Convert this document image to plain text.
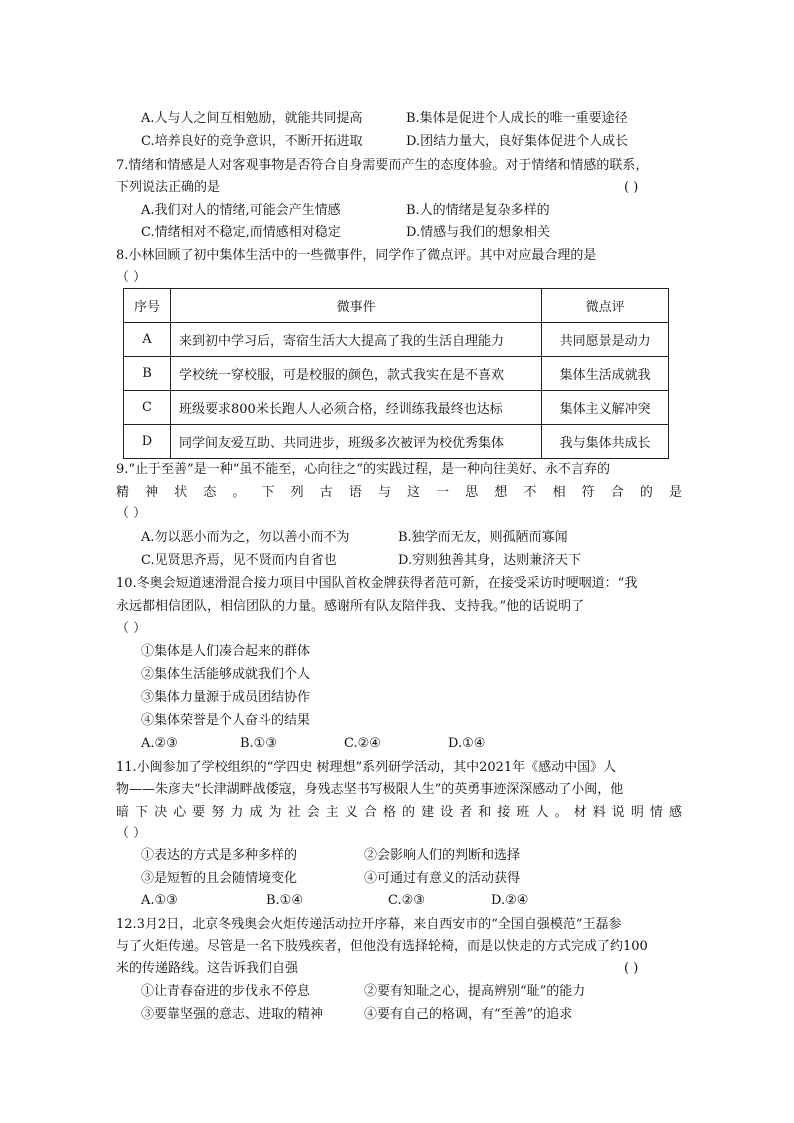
A.人与人之间互相勉励，就能共同提高	B.集体是促进个人成长的唯一重要途径
C.培养良好的竞争意识，不断开拓进取	D.团结力量大，良好集体促进个人成长
7.情绪和情感是人对客观事物是否符合自身需要而产生的态度体验。对于情绪和情感的联系，
下列说法正确的是	( )
A.我们对人的情绪,可能会产生情感	B.人的情绪是复杂多样的
C.情绪相对不稳定,而情感相对稳定	D.情感与我们的想象相关
8.小林回顾了初中集体生活中的一些微事件，同学作了微点评。其中对应最合理的是
（ ）
序号	微事件	微点评
A	来到初中学习后，寄宿生活大大提高了我的生活自理能力	共同愿景是动力
B	学校统一穿校服，可是校服的颜色，款式我实在是不喜欢	集体生活成就我
C	班级要求800米长跑人人必须合格，经训练我最终也达标	集体主义解冲突
D	同学间友爱互助、共同进步，班级多次被评为校优秀集体	我与集体共成长
9.“止于至善”是一种“虽不能至，心向往之”的实践过程，是一种向往美好、永不言弃的
精神状态。下列古语与这一思想不相符合的是
（ ）
A.勿以恶小而为之，勿以善小而不为	B.独学而无友，则孤陋而寡闻
C.见贤思齐焉，见不贤而内自省也	D.穷则独善其身，达则兼济天下
10.冬奥会短道速滑混合接力项目中国队首枚金牌获得者范可新，在接受采访时哽咽道：“我
永远都相信团队，相信团队的力量。感谢所有队友陪伴我、支持我。”他的话说明了
（ ）
①集体是人们凑合起来的群体
②集体生活能够成就我们个人
③集体力量源于成员团结协作
④集体荣誉是个人奋斗的结果
A.②③	B.①③	C.②④	D.①④
11.小闽参加了学校组织的“学四史 树理想”系列研学活动，其中2021年《感动中国》人
物——朱彦夫“长津湖畔战倭寇，身残志坚书写极限人生”的英勇事迹深深感动了小闽，他
暗下决心要努力成为社会主义合格的建设者和接班人。材料说明情感
（ ）
①表达的方式是多种多样的	②会影响人们的判断和选择
③是短暂的且会随情境变化	④可通过有意义的活动获得
A.①③	B.①④	C.②③	D.②④
12.3月2日，北京冬残奥会火炬传递活动拉开序幕，来自西安市的“全国自强模范”王磊参
与了火炬传递。尽管是一名下肢残疾者，但他没有选择轮椅，而是以快走的方式完成了约100
米的传递路线。这告诉我们自强	( )
①让青春奋进的步伐永不停息	②要有知耻之心，提高辨别“耻”的能力
③要靠坚强的意志、进取的精神	④要有自己的格调，有“至善”的追求
